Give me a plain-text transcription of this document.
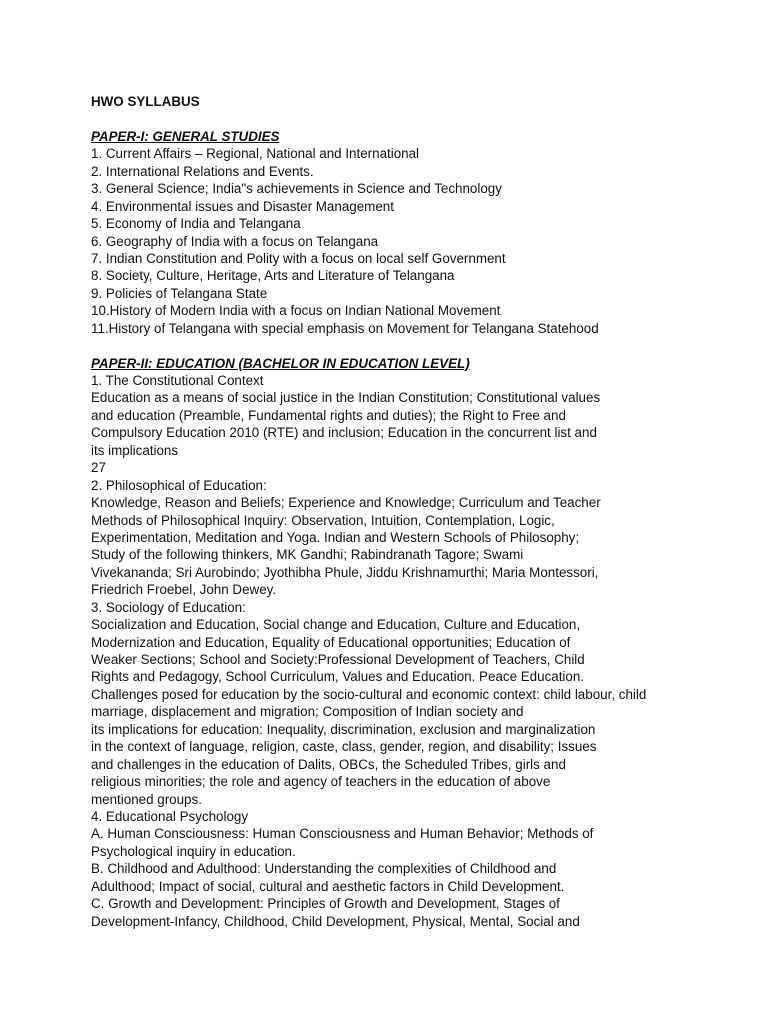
HWO SYLLABUS
PAPER-I: GENERAL STUDIES
1. Current Affairs – Regional, National and International
2. International Relations and Events.
3. General Science; India"s achievements in Science and Technology
4. Environmental issues and Disaster Management
5. Economy of India and Telangana
6. Geography of India with a focus on Telangana
7. Indian Constitution and Polity with a focus on local self Government
8. Society, Culture, Heritage, Arts and Literature of Telangana
9. Policies of Telangana State
10.History of Modern India with a focus on Indian National Movement
11.History of Telangana with special emphasis on Movement for Telangana Statehood
PAPER-II: EDUCATION (BACHELOR IN EDUCATION LEVEL)
1. The Constitutional Context
Education as a means of social justice in the Indian Constitution; Constitutional values
and education (Preamble, Fundamental rights and duties); the Right to Free and
Compulsory Education 2010 (RTE) and inclusion; Education in the concurrent list and
its implications
27
2. Philosophical of Education:
Knowledge, Reason and Beliefs; Experience and Knowledge; Curriculum and Teacher
Methods of Philosophical Inquiry: Observation, Intuition, Contemplation, Logic,
Experimentation, Meditation and Yoga. Indian and Western Schools of Philosophy;
Study of the following thinkers, MK Gandhi; Rabindranath Tagore; Swami
Vivekananda; Sri Aurobindo; Jyothibha Phule, Jiddu Krishnamurthi; Maria Montessori,
Friedrich Froebel, John Dewey.
3. Sociology of Education:
Socialization and Education, Social change and Education, Culture and Education,
Modernization and Education, Equality of Educational opportunities; Education of
Weaker Sections; School and Society:Professional Development of Teachers, Child
Rights and Pedagogy, School Curriculum, Values and Education. Peace Education.
Challenges posed for education by the socio-cultural and economic context: child labour, child
marriage, displacement and migration; Composition of Indian society and
its implications for education: Inequality, discrimination, exclusion and marginalization
in the context of language, religion, caste, class, gender, region, and disability; Issues
and challenges in the education of Dalits, OBCs, the Scheduled Tribes, girls and
religious minorities; the role and agency of teachers in the education of above
mentioned groups.
4. Educational Psychology
A. Human Consciousness: Human Consciousness and Human Behavior; Methods of
Psychological inquiry in education.
B. Childhood and Adulthood: Understanding the complexities of Childhood and
Adulthood; Impact of social, cultural and aesthetic factors in Child Development.
C. Growth and Development: Principles of Growth and Development, Stages of
Development-Infancy, Childhood, Child Development, Physical, Mental, Social and
